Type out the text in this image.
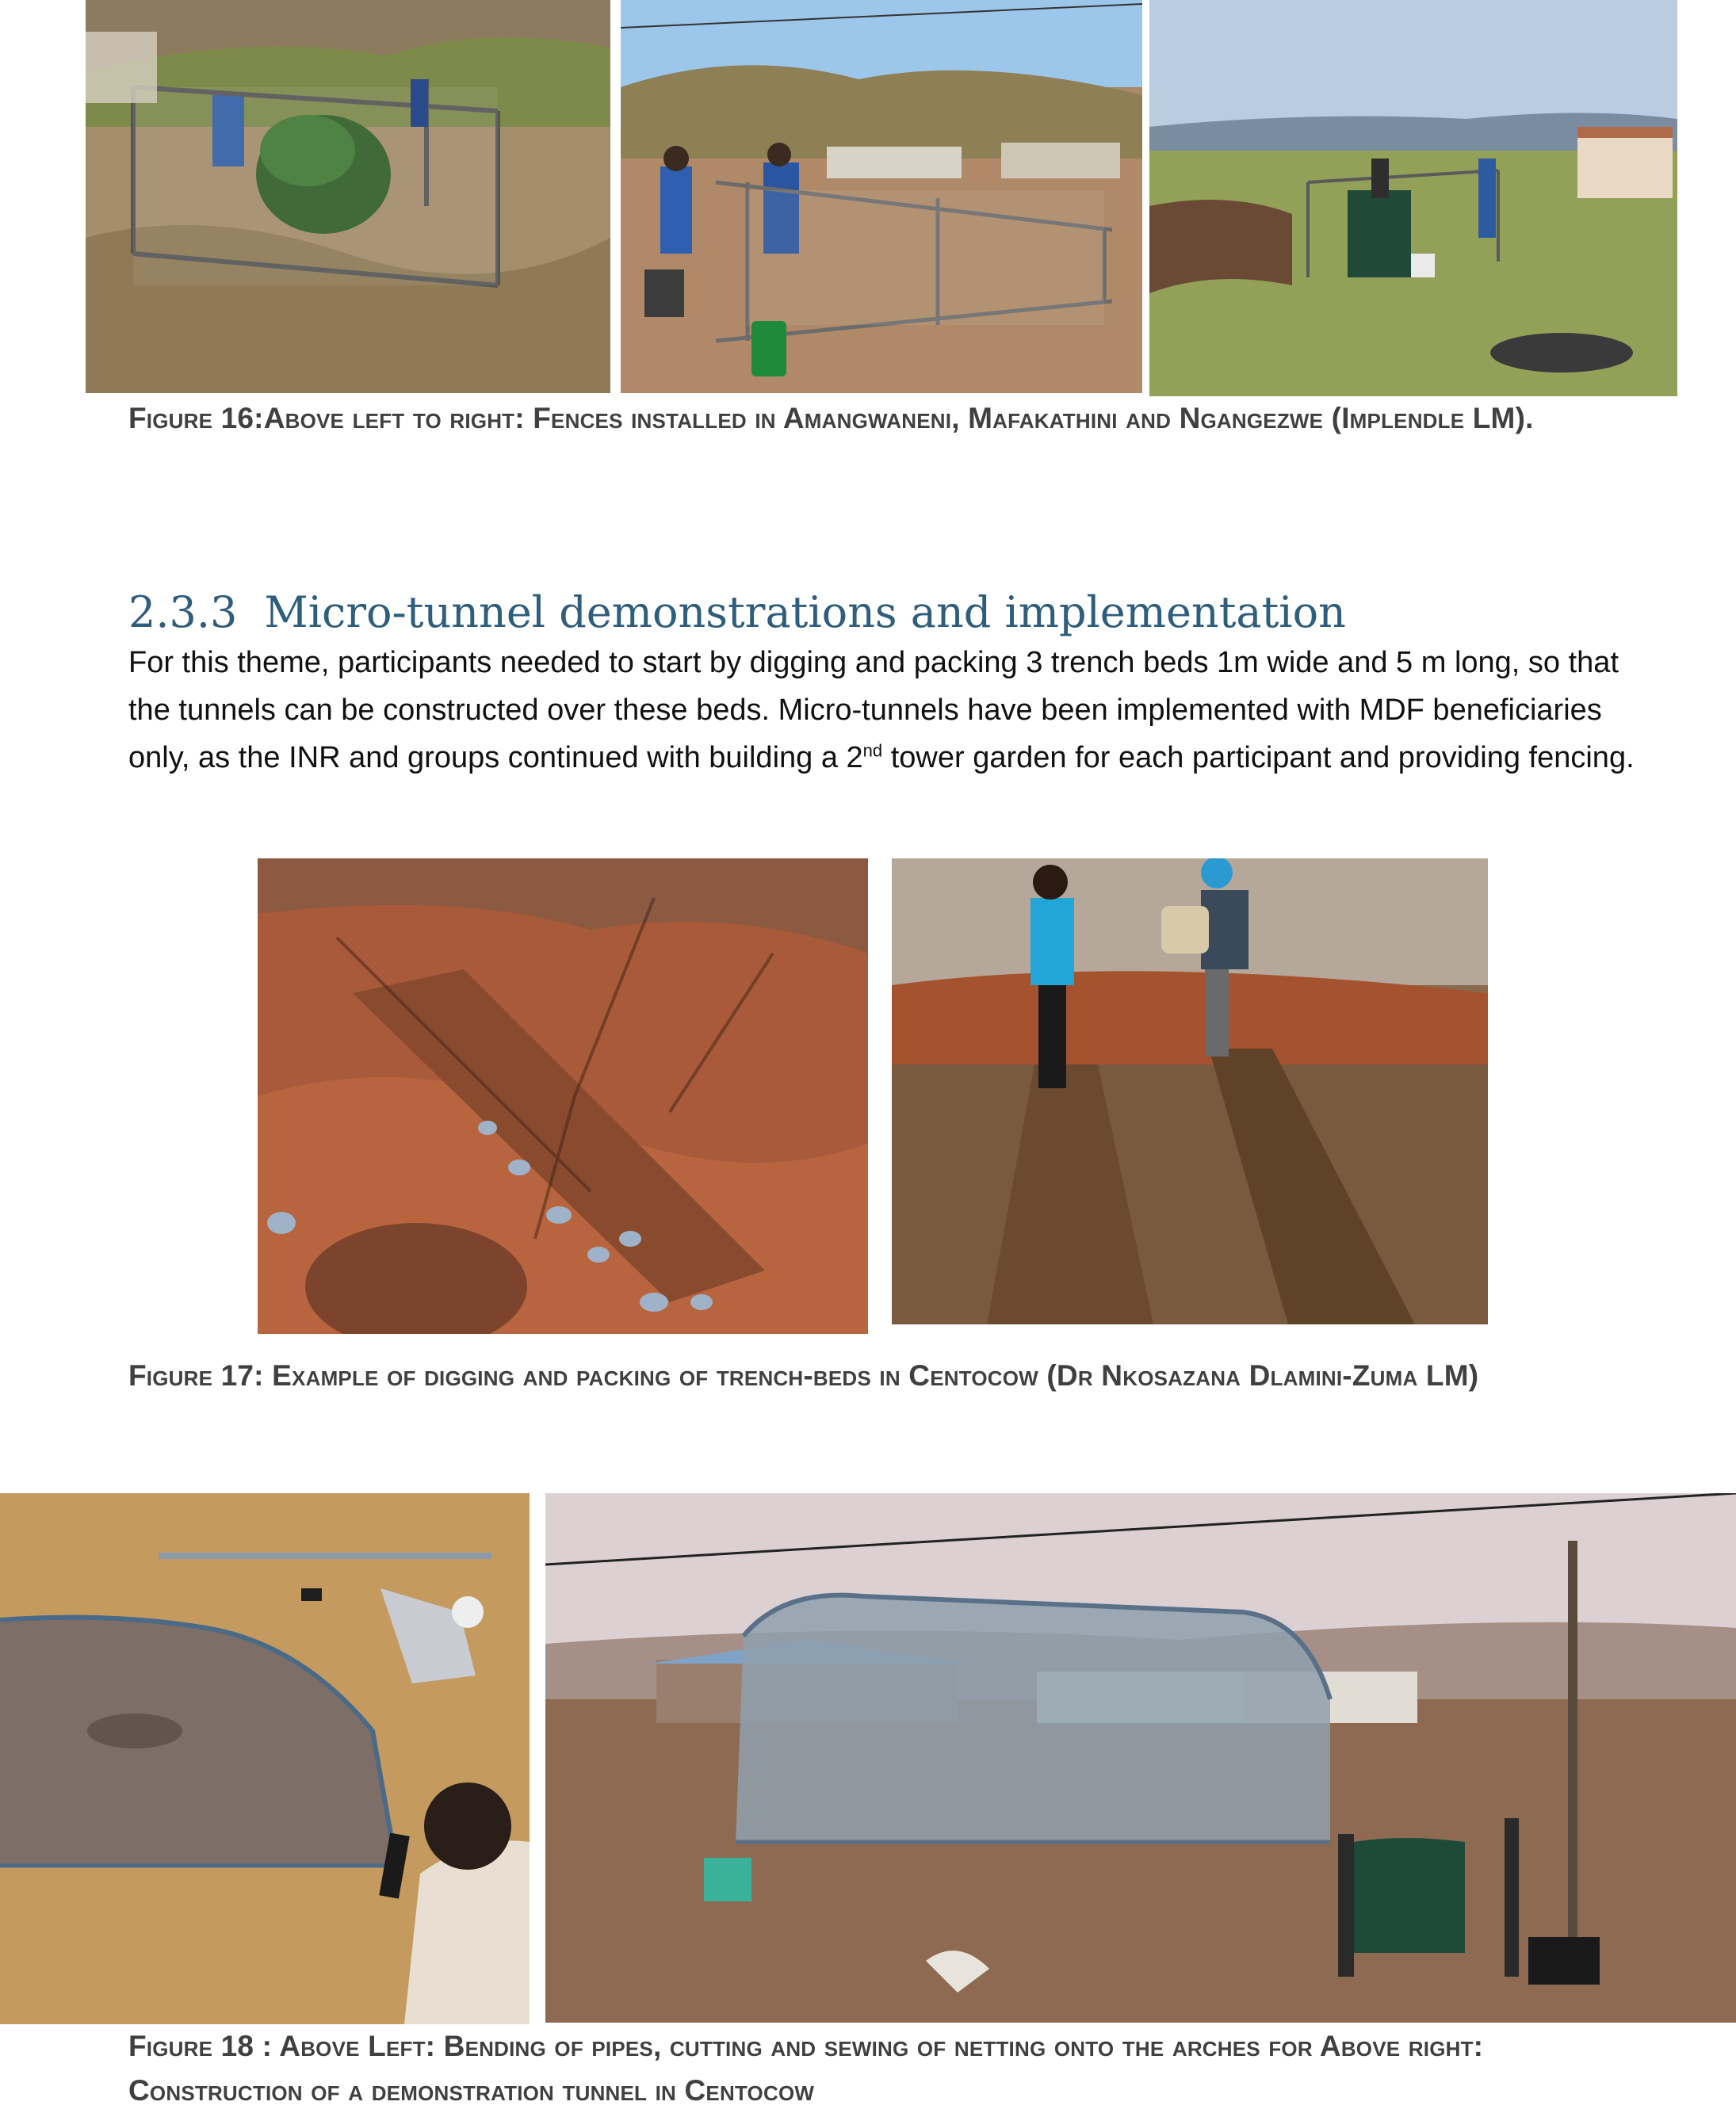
Figure 16:Above left to right: Fences installed in Amangwaneni, Mafakathini and Ngangezwe (Implendle LM).
2.3.3 Micro-tunnel demonstrations and implementation
For this theme, participants needed to start by digging and packing 3 trench beds 1m wide and 5 m long, so that the tunnels can be constructed over these beds. Micro-tunnels have been implemented with MDF beneficiaries only, as the INR and groups continued with building a 2nd tower garden for each participant and providing fencing.
Figure 17: Example of digging and packing of trench-beds in Centocow (Dr Nkosazana Dlamini-Zuma LM)
Figure 18 : Above Left: Bending of pipes, cutting and sewing of netting onto the arches for Above right: Construction of a demonstration tunnel in Centocow
